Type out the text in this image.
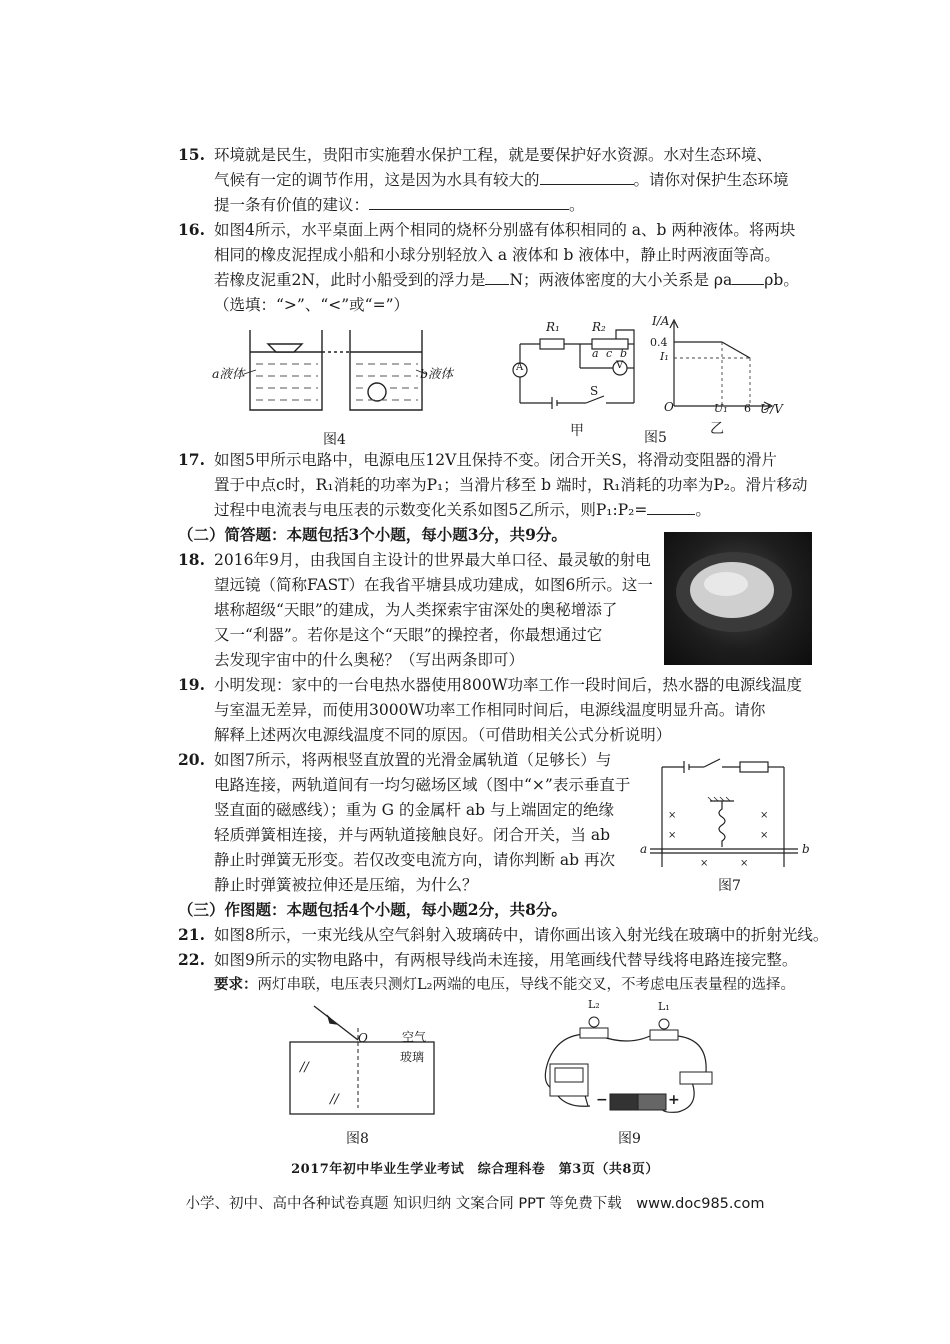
15. 环境就是民生，贵阳市实施碧水保护工程，就是要保护好水资源。水对生态环境、
气候有一定的调节作用，这是因为水具有较大的	。请你对保护生态环境
提一条有价值的建议：	。
16. 如图4所示，水平桌面上两个相同的烧杯分别盛有体积相同的 a、b 两种液体。将两块
相同的橡皮泥捏成小船和小球分别轻放入 a 液体和 b 液体中，静止时两液面等高。
若橡皮泥重2N，此时小船受到的浮力是 N；两液体密度的大小关系是 ρa ρb。
（选填：“>”、“<”或“=”）
a液体	b液体
图4
R₁	R₂
a c b
A	V
S
甲
I/A
0.4
I₁
O	U₁ 6 U/V
图5
乙
17. 如图5甲所示电路中，电源电压12V且保持不变。闭合开关S，将滑动变阻器的滑片
置于中点c时，R₁消耗的功率为P₁；当滑片移至 b 端时，R₁消耗的功率为P₂。滑片移动
过程中电流表与电压表的示数变化关系如图5乙所示，则P₁:P₂=	。
（二）简答题：本题包括3个小题，每小题3分，共9分。
18. 2016年9月，由我国自主设计的世界最大单口径、最灵敏的射电
望远镜（简称FAST）在我省平塘县成功建成，如图6所示。这一
堪称超级“天眼”的建成，为人类探索宇宙深处的奥秘增添了
又一“利器”。若你是这个“天眼”的操控者，你最想通过它
去发现宇宙中的什么奥秘？（写出两条即可）	图6
19. 小明发现：家中的一台电热水器使用800W功率工作一段时间后，热水器的电源线温度
与室温无差异，而使用3000W功率工作相同时间后，电源线温度明显升高。请你
解释上述两次电源线温度不同的原因。（可借助相关公式分析说明）
20. 如图7所示，将两根竖直放置的光滑金属轨道（足够长）与
电路连接，两轨道间有一均匀磁场区域（图中“×”表示垂直于
竖直面的磁感线）；重为 G 的金属杆 ab 与上端固定的绝缘
轻质弹簧相连接，并与两轨道接触良好。闭合开关，当 ab
静止时弹簧无形变。若仅改变电流方向，请你判断 ab 再次
静止时弹簧被拉伸还是压缩，为什么？
×	×
×	×
×	×
a	b
图7
（三）作图题：本题包括4个小题，每小题2分，共8分。
21. 如图8所示，一束光线从空气斜射入玻璃砖中，请你画出该入射光线在玻璃中的折射光线。
22. 如图9所示的实物电路中，有两根导线尚未连接，用笔画线代替导线将电路连接完整。
要求：两灯串联，电压表只测灯L₂两端的电压，导线不能交叉，不考虑电压表量程的选择。
O	空气
玻璃
//
//
图8
L₂	L₁
−	+
图9
2017年初中毕业生学业考试　综合理科卷　第3页（共8页）
小学、初中、高中各种试卷真题 知识归纳 文案合同 PPT 等免费下载　www.doc985.com
